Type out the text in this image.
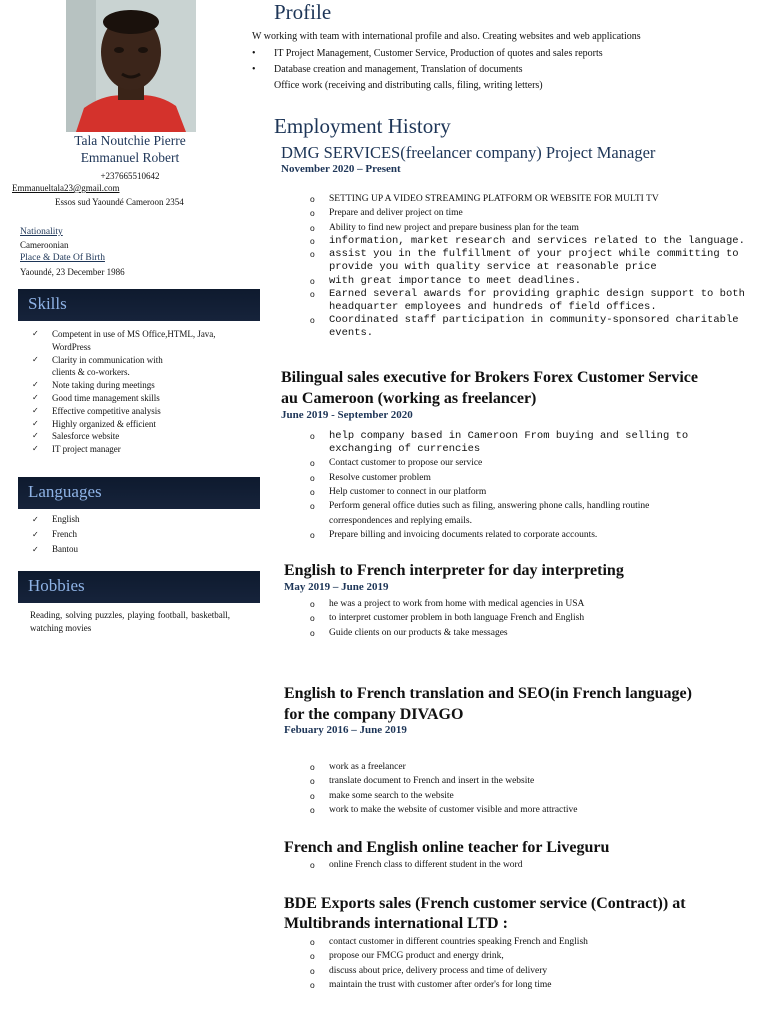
Tala Noutchie Pierre
Emmanuel Robert
+237665510642
Emmanueltala23@gmail.com
Essos sud Yaoundé Cameroon 2354
Nationality
Cameroonian
Place & Date Of Birth
Yaoundé, 23 December 1986
Skills
✓ Competent in use of MS Office,HTML, Java,
WordPress
✓ Clarity in communication with
clients & co-workers.
✓ Note taking during meetings
✓ Good time management skills
✓ Effective competitive analysis
✓ Highly organized & efficient
✓ Salesforce website
✓ IT project manager
Languages
✓ English
✓ French
✓ Bantou
Hobbies
Reading, solving puzzles, playing football, basketball, watching movies
Profile
W working with team with international profile and also. Creating websites and web applications
• IT Project Management, Customer Service, Production of quotes and sales reports
• Database creation and management, Translation of documents
Office work (receiving and distributing calls, filing, writing letters)
Employment History
DMG SERVICES(freelancer company) Project Manager
November 2020 – Present
o SETTING UP A VIDEO STREAMING PLATFORM OR WEBSITE FOR MULTI TV
o Prepare and deliver project on time
o Ability to find new project and prepare business plan for the team
o information, market research and services related to the language.
o assist you in the fulfillment of your project while committing to provide you with quality service at reasonable price
o with great importance to meet deadlines.
o Earned several awards for providing graphic design support to both headquarter employees and hundreds of field offices.
o Coordinated staff participation in community-sponsored charitable events.
Bilingual sales executive for Brokers Forex Customer Service
au Cameroon (working as freelancer)
June 2019 - September 2020
o help company based in Cameroon From buying and selling to exchanging of currencies
o Contact customer to propose our service
o Resolve customer problem
o Help customer to connect in our platform
o Perform general office duties such as filing, answering phone calls, handling routine correspondences and replying emails.
o Prepare billing and invoicing documents related to corporate accounts.
English to French interpreter for day interpreting
May 2019 – June 2019
o he was a project to work from home with medical agencies in USA
o to interpret customer problem in both language French and English
o Guide clients on our products & take messages
English to French translation and SEO(in French language)
for the company DIVAGO
Febuary 2016 – June 2019
o work as a freelancer
o translate document to French and insert in the website
o make some search to the website
o work to make the website of customer visible and more attractive
French and English online teacher for Liveguru
o online French class to different student in the word
BDE Exports sales (French customer service (Contract)) at
Multibrands international LTD :
o contact customer in different countries speaking French and English
o propose our FMCG product and energy drink,
o discuss about price, delivery process and time of delivery
o maintain the trust with customer after order's for long time
